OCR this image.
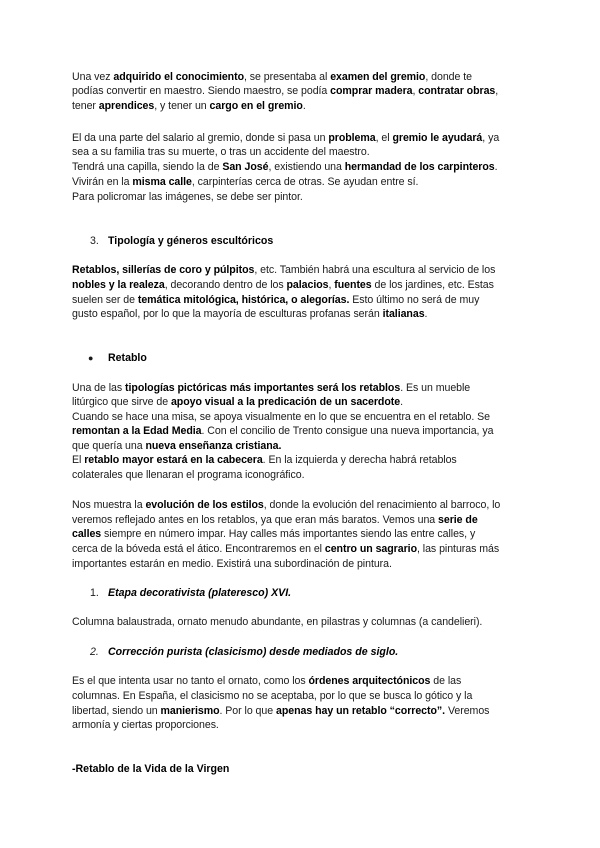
Una vez adquirido el conocimiento, se presentaba al examen del gremio, donde te
podías convertir en maestro. Siendo maestro, se podía comprar madera, contratar obras,
tener aprendices, y tener un cargo en el gremio.
El da una parte del salario al gremio, donde si pasa un problema, el gremio le ayudará, ya
sea a su familia tras su muerte, o tras un accidente del maestro.
Tendrá una capilla, siendo la de San José, existiendo una hermandad de los carpinteros.
Vivirán en la misma calle, carpinterías cerca de otras. Se ayudan entre sí.
Para policromar las imágenes, se debe ser pintor.
3. Tipología y géneros escultóricos
Retablos, sillerías de coro y púlpitos, etc. También habrá una escultura al servicio de los
nobles y la realeza, decorando dentro de los palacios, fuentes de los jardines, etc. Estas
suelen ser de temática mitológica, histórica, o alegorías. Esto último no será de muy
gusto español, por lo que la mayoría de esculturas profanas serán italianas.
● Retablo
Una de las tipologías pictóricas más importantes será los retablos. Es un mueble
litúrgico que sirve de apoyo visual a la predicación de un sacerdote.
Cuando se hace una misa, se apoya visualmente en lo que se encuentra en el retablo. Se
remontan a la Edad Media. Con el concilio de Trento consigue una nueva importancia, ya
que quería una nueva enseñanza cristiana.
El retablo mayor estará en la cabecera. En la izquierda y derecha habrá retablos
colaterales que llenaran el programa iconográfico.
Nos muestra la evolución de los estilos, donde la evolución del renacimiento al barroco, lo
veremos reflejado antes en los retablos, ya que eran más baratos. Vemos una serie de
calles siempre en número impar. Hay calles más importantes siendo las entre calles, y
cerca de la bóveda está el ático. Encontraremos en el centro un sagrario, las pinturas más
importantes estarán en medio. Existirá una subordinación de pintura.
1. Etapa decorativista (plateresco) XVI.
Columna balaustrada, ornato menudo abundante, en pilastras y columnas (a candelieri).
2. Corrección purista (clasicismo) desde mediados de siglo.
Es el que intenta usar no tanto el ornato, como los órdenes arquitectónicos de las
columnas. En España, el clasicismo no se aceptaba, por lo que se busca lo gótico y la
libertad, siendo un manierismo. Por lo que apenas hay un retablo “correcto”. Veremos
armonía y ciertas proporciones.
-Retablo de la Vida de la Virgen
